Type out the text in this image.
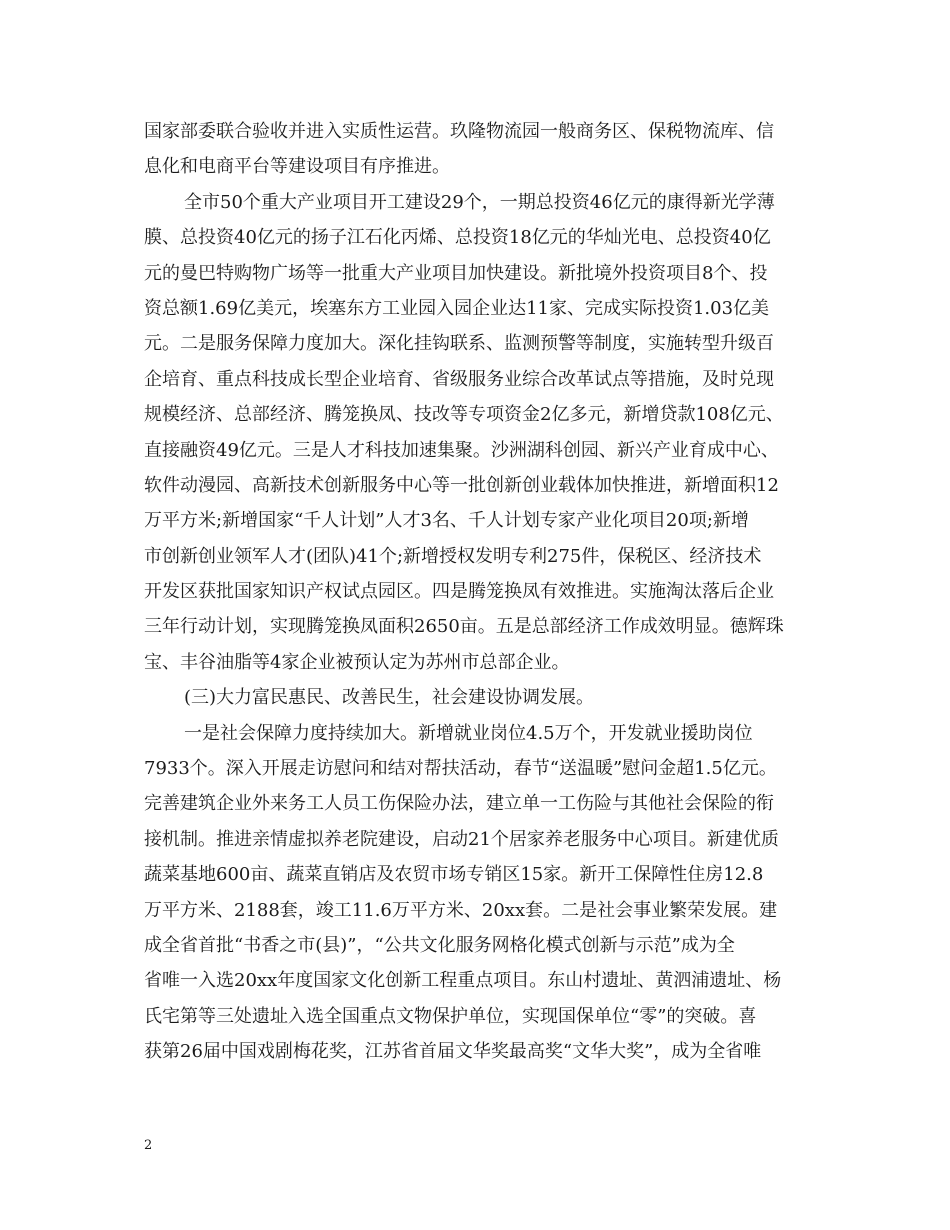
国家部委联合验收并进入实质性运营。玖隆物流园一般商务区、保税物流库、信
息化和电商平台等建设项目有序推进。
全市50个重大产业项目开工建设29个，一期总投资46亿元的康得新光学薄
膜、总投资40亿元的扬子江石化丙烯、总投资18亿元的华灿光电、总投资40亿
元的曼巴特购物广场等一批重大产业项目加快建设。新批境外投资项目8个、投
资总额1.69亿美元，埃塞东方工业园入园企业达11家、完成实际投资1.03亿美
元。二是服务保障力度加大。深化挂钩联系、监测预警等制度，实施转型升级百
企培育、重点科技成长型企业培育、省级服务业综合改革试点等措施，及时兑现
规模经济、总部经济、腾笼换凤、技改等专项资金2亿多元，新增贷款108亿元、
直接融资49亿元。三是人才科技加速集聚。沙洲湖科创园、新兴产业育成中心、
软件动漫园、高新技术创新服务中心等一批创新创业载体加快推进，新增面积12
万平方米;新增国家“千人计划”人才3名、千人计划专家产业化项目20项;新增
市创新创业领军人才(团队)41个;新增授权发明专利275件，保税区、经济技术
开发区获批国家知识产权试点园区。四是腾笼换凤有效推进。实施淘汰落后企业
三年行动计划，实现腾笼换凤面积2650亩。五是总部经济工作成效明显。德辉珠
宝、丰谷油脂等4家企业被预认定为苏州市总部企业。
(三)大力富民惠民、改善民生，社会建设协调发展。
一是社会保障力度持续加大。新增就业岗位4.5万个，开发就业援助岗位
7933个。深入开展走访慰问和结对帮扶活动，春节“送温暖”慰问金超1.5亿元。
完善建筑企业外来务工人员工伤保险办法，建立单一工伤险与其他社会保险的衔
接机制。推进亲情虚拟养老院建设，启动21个居家养老服务中心项目。新建优质
蔬菜基地600亩、蔬菜直销店及农贸市场专销区15家。新开工保障性住房12.8
万平方米、2188套，竣工11.6万平方米、20xx套。二是社会事业繁荣发展。建
成全省首批“书香之市(县)”，“公共文化服务网格化模式创新与示范”成为全
省唯一入选20xx年度国家文化创新工程重点项目。东山村遗址、黄泗浦遗址、杨
氏宅第等三处遗址入选全国重点文物保护单位，实现国保单位“零”的突破。喜
获第26届中国戏剧梅花奖，江苏省首届文华奖最高奖“文华大奖”，成为全省唯
2
